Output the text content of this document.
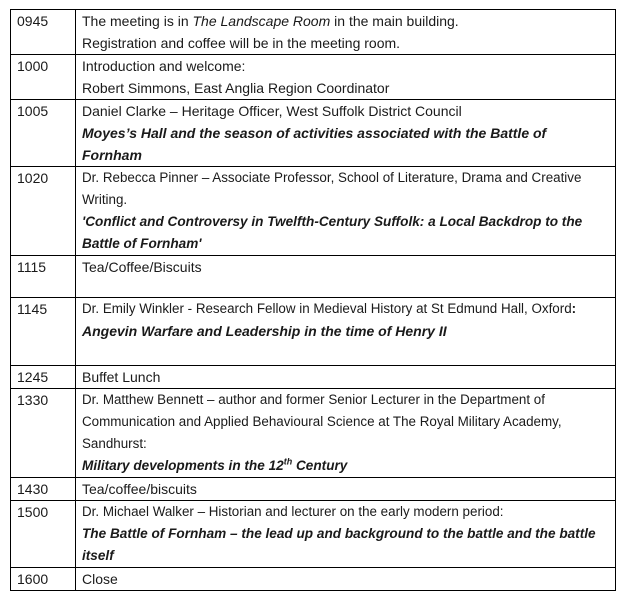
0945	The meeting is in The Landscape Room in the main building.
Registration and coffee will be in the meeting room.

1000	Introduction and welcome:
Robert Simmons, East Anglia Region Coordinator

1005	Daniel Clarke – Heritage Officer, West Suffolk District Council
Moyes’s Hall and the season of activities associated with the Battle of Fornham

1020	Dr. Rebecca Pinner – Associate Professor, School of Literature, Drama and Creative Writing.
'Conflict and Controversy in Twelfth-Century Suffolk: a Local Backdrop to the Battle of Fornham'

1115	Tea/Coffee/Biscuits

1145	Dr. Emily Winkler - Research Fellow in Medieval History at St Edmund Hall, Oxford:
Angevin Warfare and Leadership in the time of Henry II

1245	Buffet Lunch

1330	Dr. Matthew Bennett – author and former Senior Lecturer in the Department of Communication and Applied Behavioural Science at The Royal Military Academy, Sandhurst:
Military developments in the 12th Century

1430	Tea/coffee/biscuits

1500	Dr. Michael Walker – Historian and lecturer on the early modern period:
The Battle of Fornham – the lead up and background to the battle and the battle itself

1600	Close
